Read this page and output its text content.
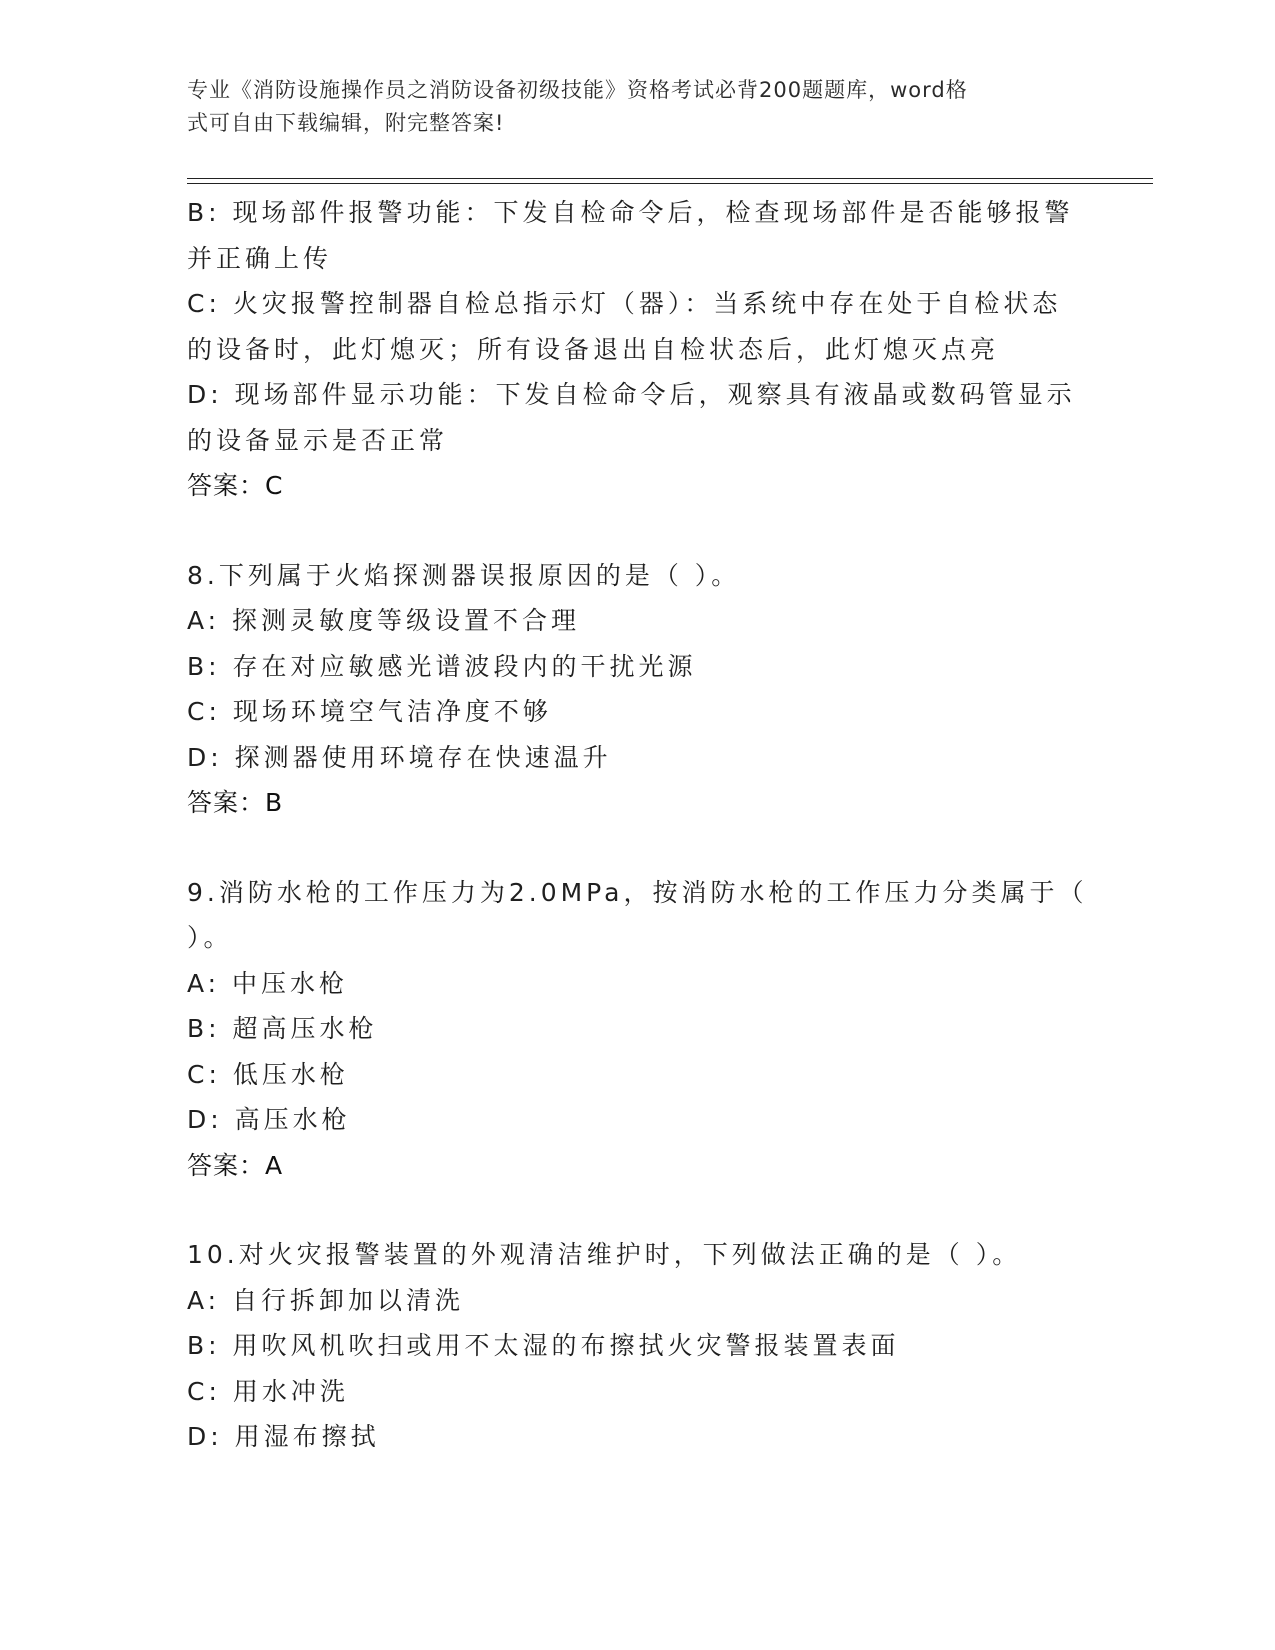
专业《消防设施操作员之消防设备初级技能》资格考试必背200题题库，word格
式可自由下载编辑，附完整答案!
B: 现场部件报警功能：下发自检命令后，检查现场部件是否能够报警
并正确上传
C: 火灾报警控制器自检总指示灯（器）：当系统中存在处于自检状态
的设备时，此灯熄灭；所有设备退出自检状态后，此灯熄灭点亮
D: 现场部件显示功能：下发自检命令后，观察具有液晶或数码管显示
的设备显示是否正常
答案：C
8.下列属于火焰探测器误报原因的是（ ）。
A: 探测灵敏度等级设置不合理
B: 存在对应敏感光谱波段内的干扰光源
C: 现场环境空气洁净度不够
D: 探测器使用环境存在快速温升
答案：B
9.消防水枪的工作压力为2.0MPa，按消防水枪的工作压力分类属于（
）。
A: 中压水枪
B: 超高压水枪
C: 低压水枪
D: 高压水枪
答案：A
10.对火灾报警装置的外观清洁维护时，下列做法正确的是（ ）。
A: 自行拆卸加以清洗
B: 用吹风机吹扫或用不太湿的布擦拭火灾警报装置表面
C: 用水冲洗
D: 用湿布擦拭
